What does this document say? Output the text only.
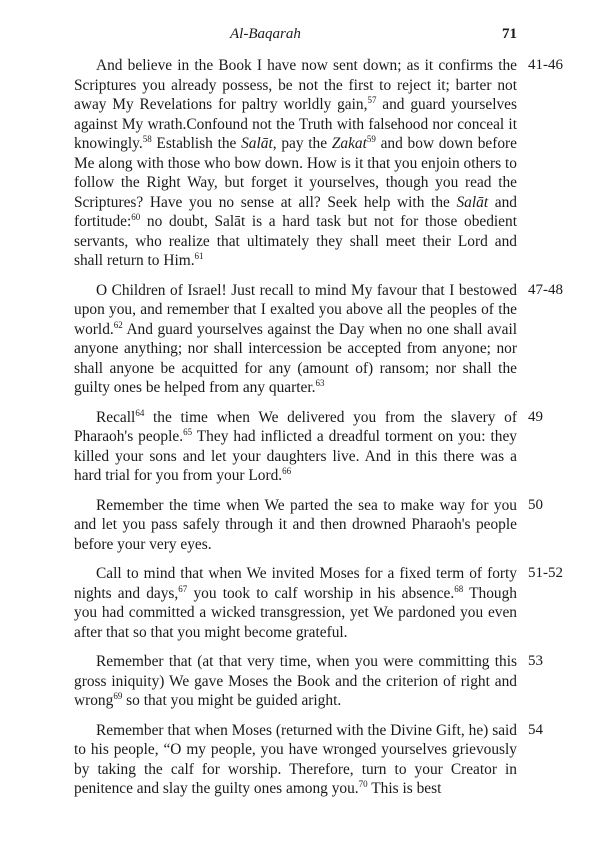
Al-Baqarah	71

And believe in the Book I have now sent down; as it confirms the Scriptures you already possess, be not the first to reject it; barter not away My Revelations for paltry worldly gain,$^{57}$ and guard yourselves against My wrath.Confound not the Truth with falsehood nor conceal it knowingly.$^{58}$ Establish the Salāt, pay the Zakat$^{59}$ and bow down before Me along with those who bow down. How is it that you enjoin others to follow the Right Way, but forget it yourselves, though you read the Scriptures? Have you no sense at all? Seek help with the Salāt and fortitude:$^{60}$ no doubt, Salāt is a hard task but not for those obedient servants, who realize that ultimately they shall meet their Lord and shall return to Him.$^{61}$

41-46

O Children of Israel! Just recall to mind My favour that I bestowed upon you, and remember that I exalted you above all the peoples of the world.$^{62}$ And guard yourselves against the Day when no one shall avail anyone anything; nor shall intercession be accepted from anyone; nor shall anyone be acquitted for any (amount of) ransom; nor shall the guilty ones be helped from any quarter.$^{63}$

47-48

Recall$^{64}$ the time when We delivered you from the slavery of Pharaoh's people.$^{65}$ They had inflicted a dreadful torment on you: they killed your sons and let your daughters live. And in this there was a hard trial for you from your Lord.$^{66}$

49

Remember the time when We parted the sea to make way for you and let you pass safely through it and then drowned Pharaoh's people before your very eyes.

50

Call to mind that when We invited Moses for a fixed term of forty nights and days,$^{67}$ you took to calf worship in his absence.$^{68}$ Though you had committed a wicked transgression, yet We pardoned you even after that so that you might become grateful.

51-52

Remember that (at that very time, when you were committing this gross iniquity) We gave Moses the Book and the criterion of right and wrong$^{69}$ so that you might be guided aright.

53

Remember that when Moses (returned with the Divine Gift, he) said to his people, “O my people, you have wronged yourselves grievously by taking the calf for worship. Therefore, turn to your Creator in penitence and slay the guilty ones among you.$^{70}$ This is best

54
